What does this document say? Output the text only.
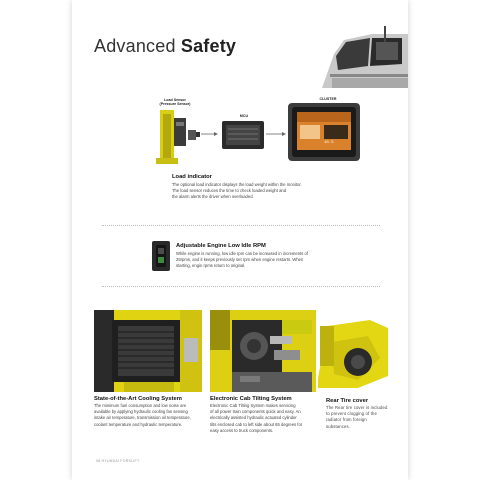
Advanced Safety
Load Sensor
(Pressure Sensor)
MCU
CLUSTER
10.5
Load indicator
The optional load indicator displays the load weight within the monitor.
The load sensor reduces the time to check loaded weight and
the alarm alerts the driver when overloaded.
Adjustable Engine Low Idle RPM
While engine is running, low idle rpm can be increased in increments of
25rpms, and it keeps previously set rpm when engine restarts. When
starting, engin rpms return to original.
State-of-the-Art Cooling System
The minimum fuel consumption and low noise are
available by applying hydraulic cooling fan sensing
intake air temperature, transmission oil temperature,
coolant temperature and hydraulic temperature.
Electronic Cab Tilting System
Electronic Cab Tilting System makes servicing
of all power train components quick and easy. An
electrically assisted hydraulic actuated cylinder
tilts enclosed cab to left side about 65 degrees for
easy access to truck components.
Rear Tire cover
The Rear tire cover is included
to prevent clogging of the
radiator from foreign
substances.
08 HYUNDAI FORKLIFT
